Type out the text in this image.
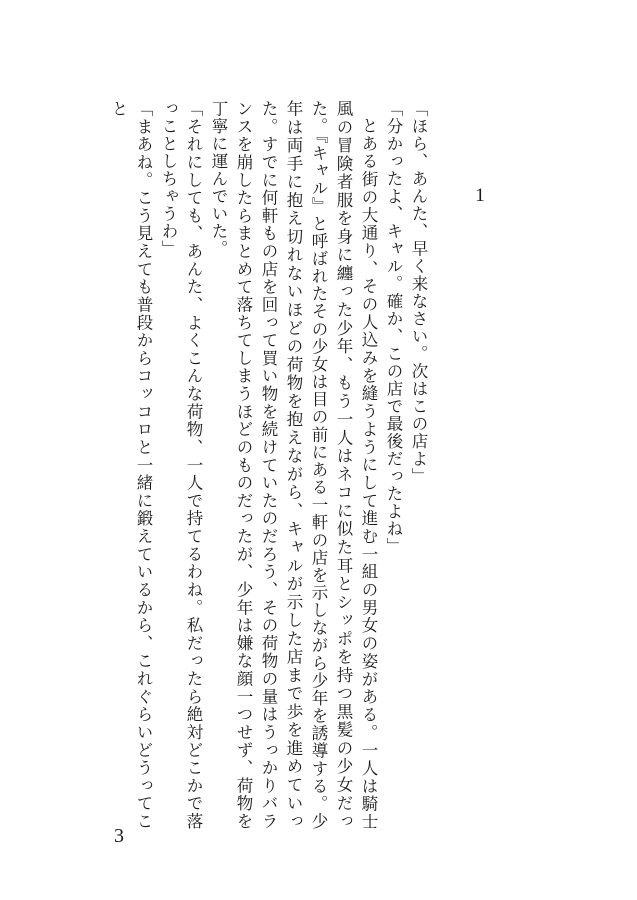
1

「ほら、あんた、早く来なさい。次はこの店よ」

「分かったよ、キャル。確か、この店で最後だったよね」

とある街の大通り、その人込みを縫うようにして進む一組の男女の姿がある。一人は騎士風の冒険者服を身に纏った少年、もう一人はネコに似た耳とシッポを持つ黒髪の少女だった。『キャル』と呼ばれたその少女は目の前にある一軒の店を示しながら少年を誘導する。少年は両手に抱え切れないほどの荷物を抱えながら、キャルが示した店まで歩を進めていった。すでに何軒もの店を回って買い物を続けていたのだろう、その荷物の量はうっかりバランスを崩したらまとめて落ちてしまうほどのものだったが、少年は嫌な顔一つせず、荷物を丁寧に運んでいた。

「それにしても、あんた、よくこんな荷物、一人で持てるわね。私だったら絶対どこかで落っことしちゃうわ」

「まあね。こう見えても普段からコッコロと一緒に鍛えているから、これぐらいどうってこと

3
